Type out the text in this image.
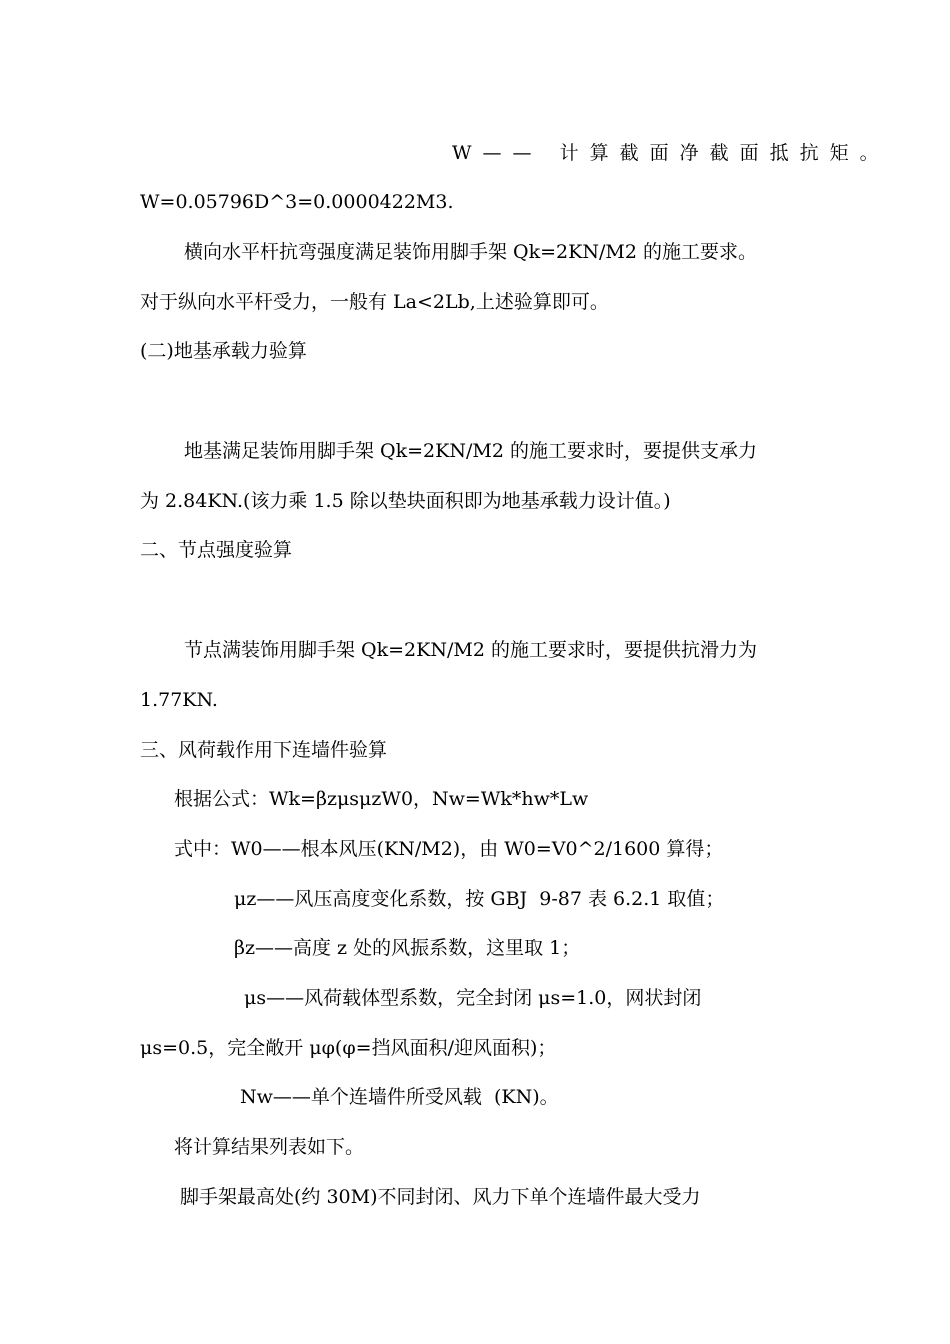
W—— 计算截面净截面抵抗矩。
W=0.05796D^3=0.0000422M3.
横向水平杆抗弯强度满足装饰用脚手架 Qk=2KN/M2 的施工要求。
对于纵向水平杆受力，一般有 La<2Lb,上述验算即可。
(二)地基承载力验算
地基满足装饰用脚手架 Qk=2KN/M2 的施工要求时，要提供支承力
为 2.84KN.(该力乘 1.5 除以垫块面积即为地基承载力设计值。)
二、节点强度验算
节点满装饰用脚手架 Qk=2KN/M2 的施工要求时，要提供抗滑力为
1.77KN.
三、风荷载作用下连墙件验算
根据公式：Wk=βzμsμzW0，Nw=Wk*hw*Lw
式中：W0——根本风压(KN/M2)，由 W0=V0^2/1600 算得；
μz——风压高度变化系数，按 GBJ  9-87 表 6.2.1 取值；
βz——高度 z 处的风振系数，这里取 1；
μs——风荷载体型系数，完全封闭 μs=1.0，网状封闭
μs=0.5，完全敞开 μφ(φ=挡风面积/迎风面积)；
Nw——单个连墙件所受风载  (KN)。
将计算结果列表如下。
脚手架最高处(约 30M)不同封闭、风力下单个连墙件最大受力
